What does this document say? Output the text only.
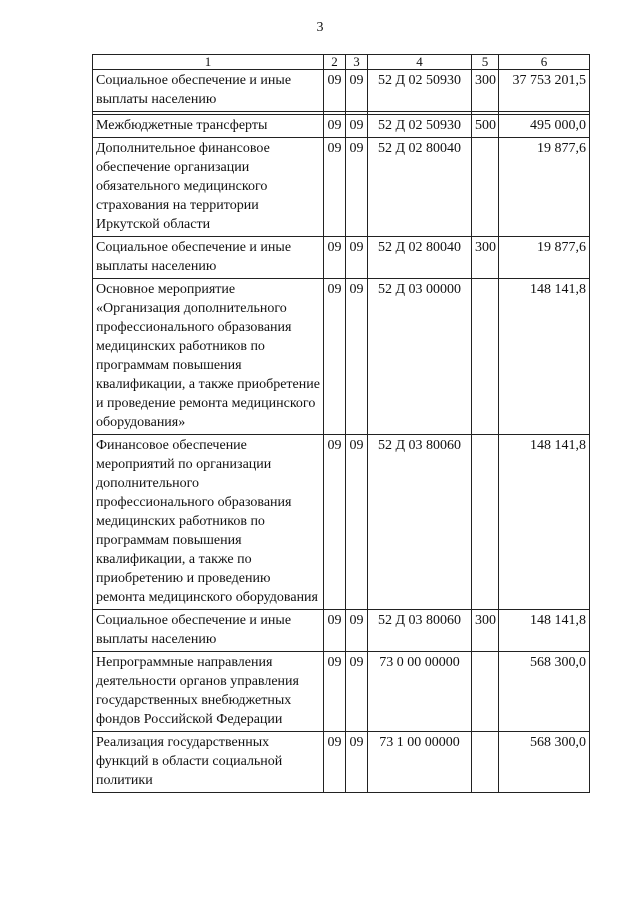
3
1	2	3	4	5	6
Социальное обеспечение и иные выплаты населению	09	09	52 Д 02 50930	300	37 753 201,5

Межбюджетные трансферты	09	09	52 Д 02 50930	500	495 000,0
Дополнительное финансовое обеспечение организации обязательного медицинского страхования на территории Иркутской области	09	09	52 Д 02 80040		19 877,6
Социальное обеспечение и иные выплаты населению	09	09	52 Д 02 80040	300	19 877,6
Основное мероприятие «Организация дополнительного профессионального образования медицинских работников по программам повышения квалификации, а также приобретение и проведение ремонта медицинского оборудования»	09	09	52 Д 03 00000		148 141,8
Финансовое обеспечение мероприятий по организации дополнительного профессионального образования медицинских работников по программам повышения квалификации, а также по приобретению и проведению ремонта медицинского оборудования	09	09	52 Д 03 80060		148 141,8
Социальное обеспечение и иные выплаты населению	09	09	52 Д 03 80060	300	148 141,8
Непрограммные направления деятельности органов управления государственных внебюджетных фондов Российской Федерации	09	09	73 0 00 00000		568 300,0
Реализация государственных функций в области социальной политики	09	09	73 1 00 00000		568 300,0
